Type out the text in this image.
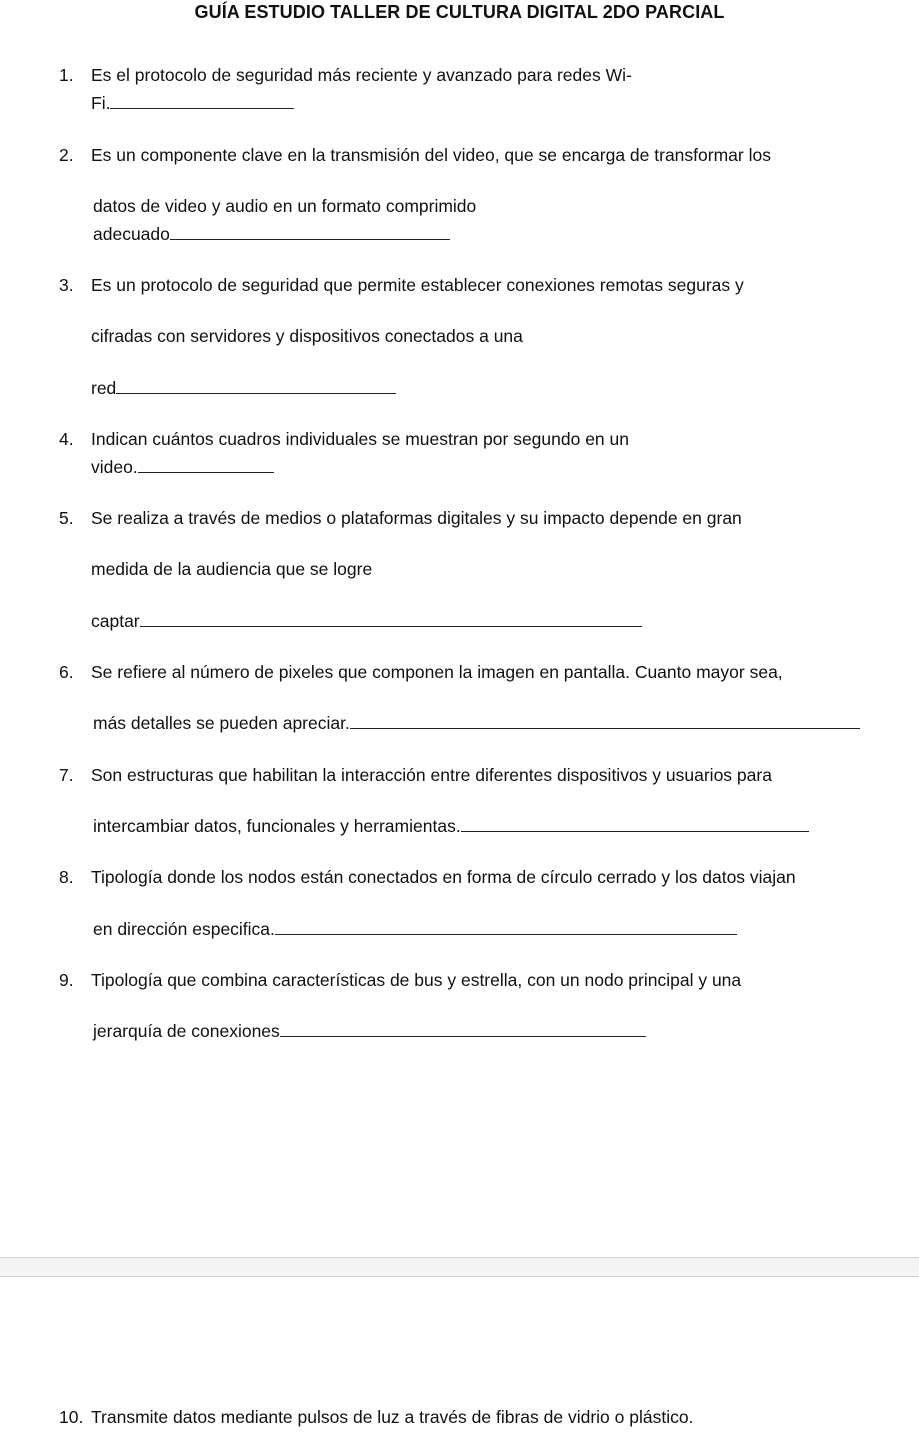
GUÍA ESTUDIO TALLER DE CULTURA DIGITAL 2DO PARCIAL
1. Es el protocolo de seguridad más reciente y avanzado para redes Wi-
Fi.
2. Es un componente clave en la transmisión del video, que se encarga de transformar los
datos de video y audio en un formato comprimido
adecuado
3. Es un protocolo de seguridad que permite establecer conexiones remotas seguras y
cifradas con servidores y dispositivos conectados a una
red
4. Indican cuántos cuadros individuales se muestran por segundo en un
video.
5. Se realiza a través de medios o plataformas digitales y su impacto depende en gran
medida de la audiencia que se logre
captar
6. Se refiere al número de pixeles que componen la imagen en pantalla. Cuanto mayor sea,
más detalles se pueden apreciar.
7. Son estructuras que habilitan la interacción entre diferentes dispositivos y usuarios para
intercambiar datos, funcionales y herramientas.
8. Tipología donde los nodos están conectados en forma de círculo cerrado y los datos viajan
en dirección especifica.
9. Tipología que combina características de bus y estrella, con un nodo principal y una
jerarquía de conexiones
10. Transmite datos mediante pulsos de luz a través de fibras de vidrio o plástico.
